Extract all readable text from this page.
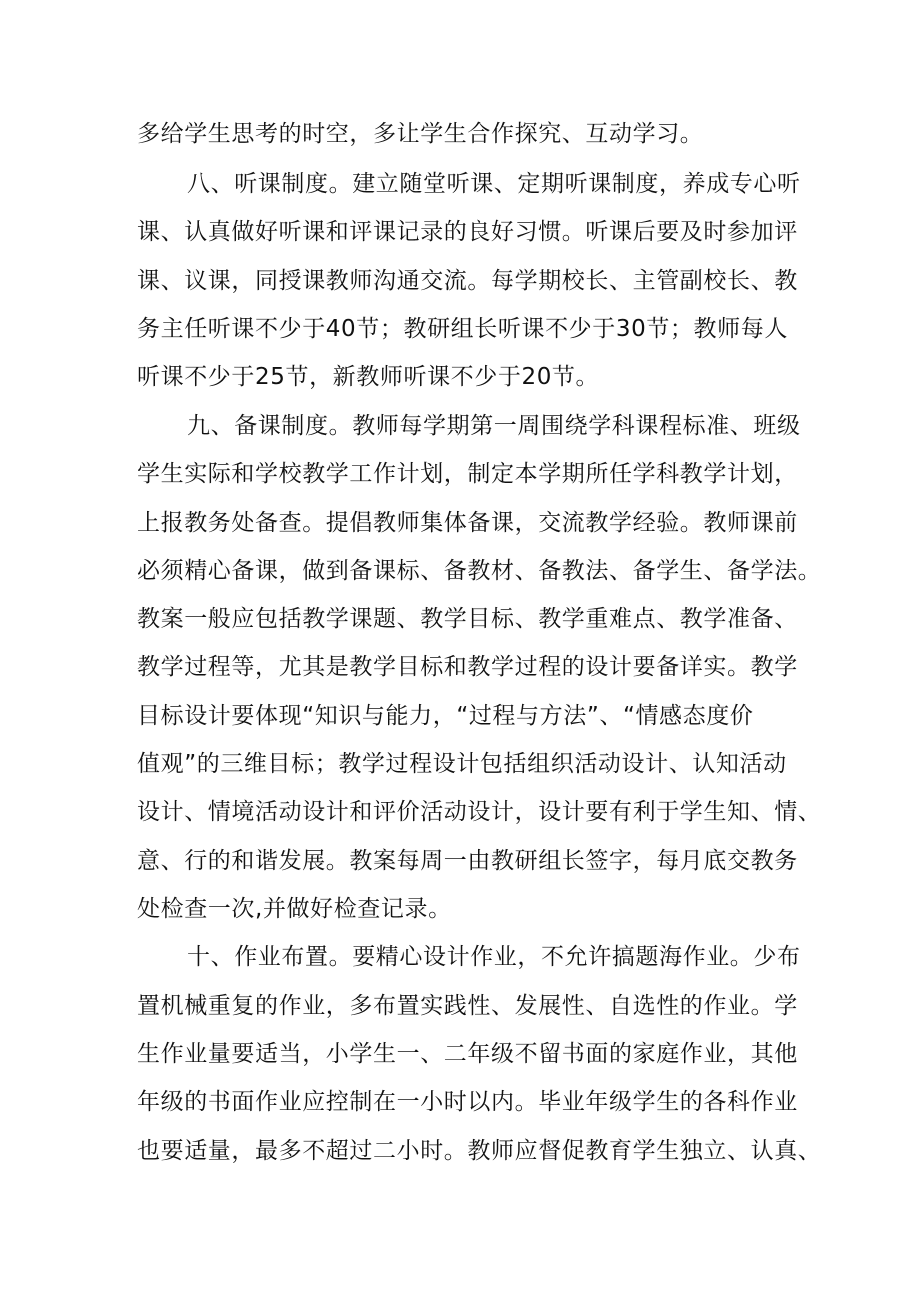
多给学生思考的时空，多让学生合作探究、互动学习。
八、听课制度。建立随堂听课、定期听课制度，养成专心听
课、认真做好听课和评课记录的良好习惯。听课后要及时参加评
课、议课，同授课教师沟通交流。每学期校长、主管副校长、教
务主任听课不少于40节；教研组长听课不少于30节；教师每人
听课不少于25节，新教师听课不少于20节。
九、备课制度。教师每学期第一周围绕学科课程标准、班级
学生实际和学校教学工作计划，制定本学期所任学科教学计划，
上报教务处备查。提倡教师集体备课，交流教学经验。教师课前
必须精心备课，做到备课标、备教材、备教法、备学生、备学法。
教案一般应包括教学课题、教学目标、教学重难点、教学准备、
教学过程等，尤其是教学目标和教学过程的设计要备详实。教学
目标设计要体现“知识与能力，“过程与方法”、“情感态度价
值观”的三维目标；教学过程设计包括组织活动设计、认知活动
设计、情境活动设计和评价活动设计，设计要有利于学生知、情、
意、行的和谐发展。教案每周一由教研组长签字，每月底交教务
处检查一次,并做好检查记录。
十、作业布置。要精心设计作业，不允许搞题海作业。少布
置机械重复的作业，多布置实践性、发展性、自选性的作业。学
生作业量要适当，小学生一、二年级不留书面的家庭作业，其他
年级的书面作业应控制在一小时以内。毕业年级学生的各科作业
也要适量，最多不超过二小时。教师应督促教育学生独立、认真、
